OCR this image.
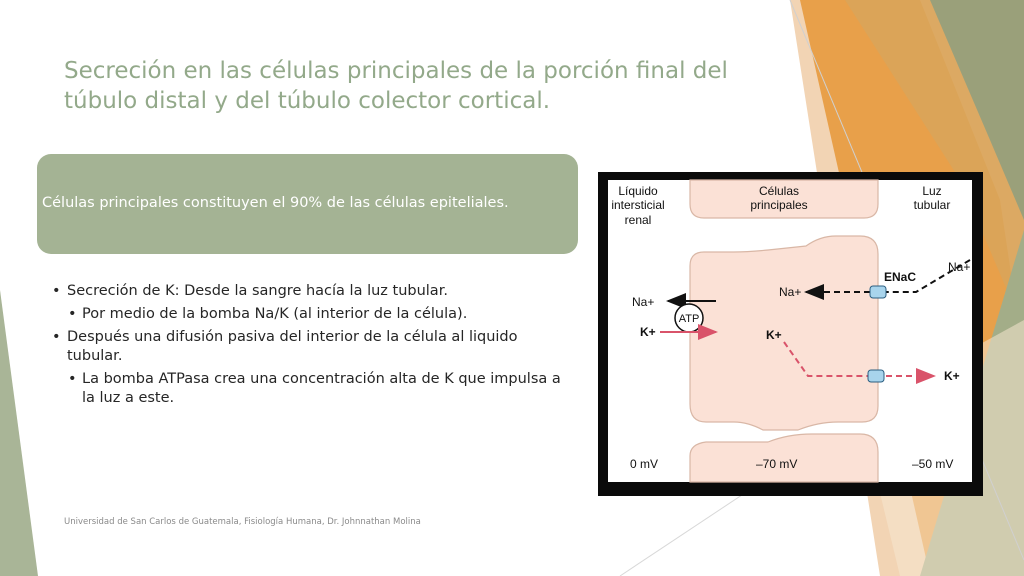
Secreción en las células principales de la porción final del
túbulo distal y del túbulo colector cortical.
Células principales constituyen el 90% de las células epiteliales.
• Secreción de K: Desde la sangre hacía la luz tubular.
• Por medio de la bomba Na/K (al interior de la célula).
• Después una difusión pasiva del interior de la célula al liquido tubular.
• La bomba ATPasa crea una concentración alta de K que impulsa a la luz a este.
Universidad de San Carlos de Guatemala, Fisiología Humana, Dr. Johnnathan Molina
Líquido
intersticial
renal
Células
principales
Luz
tubular
Na+
ATP
K+
Na+
ENaC
Na+
K+
K+
0 mV	–70 mV	–50 mV
